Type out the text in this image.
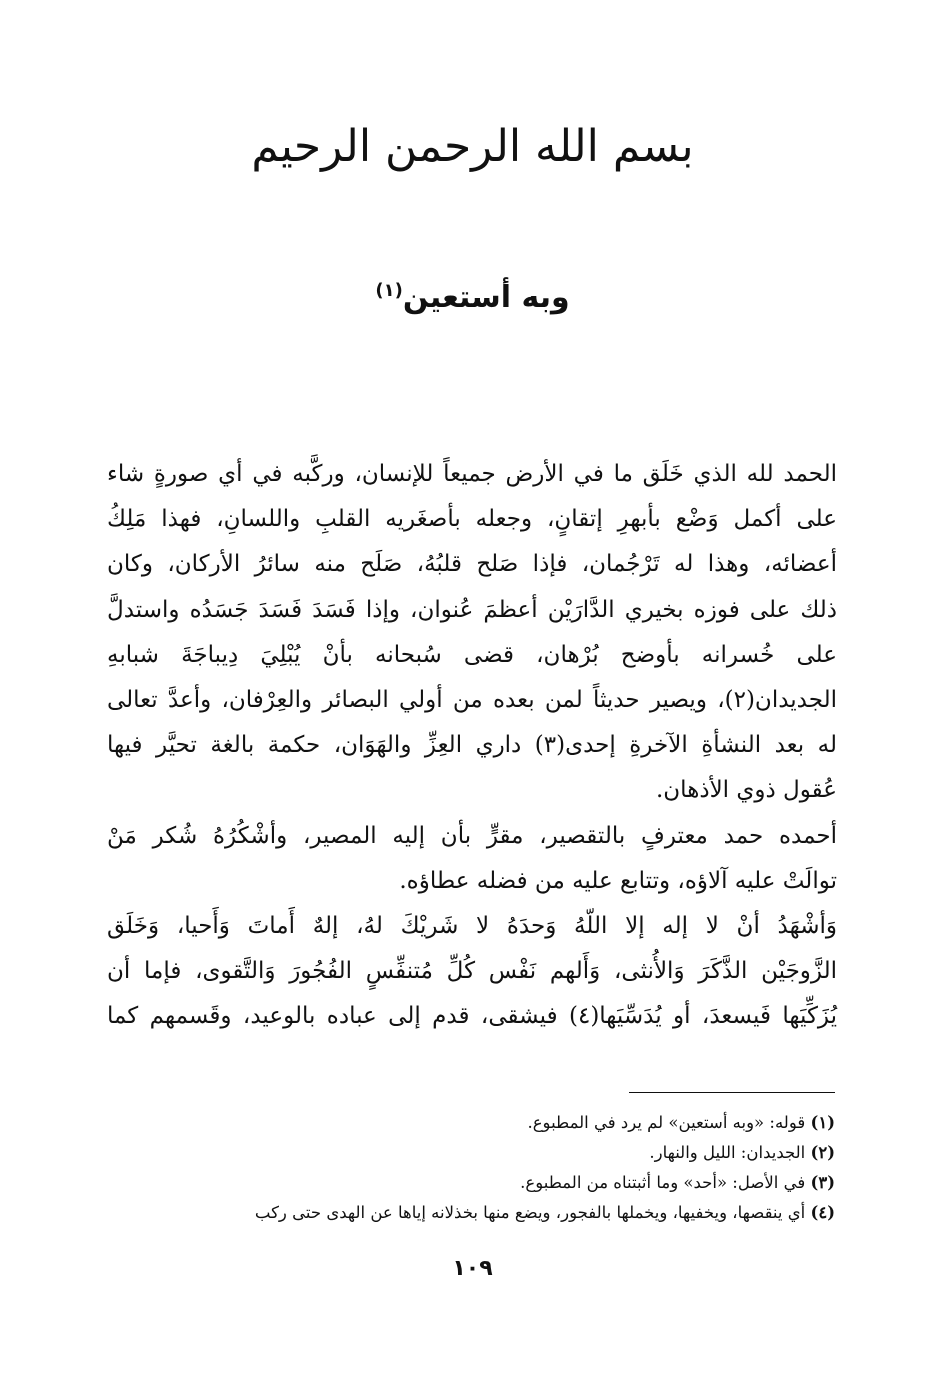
بسم الله الرحمن الرحيم
وبه أستعين$^{(١)}$
الحمد لله الذي خَلَق ما في الأرض جميعاً للإنسان، وركَّبه في أي صورةٍ شاء
على أكمل وَضْع بأبهرِ إتقانٍ، وجعله بأصغَريه القلبِ واللسانِ، فهذا مَلِكُ
أعضائه، وهذا له تَرْجُمان، فإذا صَلح قلبُهُ، صَلَح منه سائرُ الأركان، وكان
ذلك على فوزه بخيري الدَّارَيْن أعظمَ عُنوان، وإذا فَسَدَ فَسَدَ جَسَدُه واستدلَّ
على خُسرانه بأوضح بُرْهان، قضى سُبحانه بأنْ يُبْلِيَ دِيباجَةَ شبابهِ
الجديدان(٢)، ويصير حديثاً لمن بعده من أولي البصائر والعِرْفان، وأعدَّ تعالى
له بعد النشأةِ الآخرةِ إحدى(٣) داري العِزِّ والهَوَان، حكمة بالغة تحيَّر فيها
عُقول ذوي الأذهان.
أحمده حمد معترفٍ بالتقصير، مقرٍّ بأن إليه المصير، وأشْكُرُهُ شُكر مَنْ
توالَتْ عليه آلاؤه، وتتابع عليه من فضله عطاؤه.
وَأشْهَدُ أنْ لا إله إلا اللّهُ وَحدَهُ لا شَريْكَ لهُ، إلهٌ أَماتَ وَأَحيا، وَخَلَق
الزَّوجَيْن الذَّكَرَ وَالأُنثى، وَأَلهم نَفْس كُلِّ مُتنفِّسٍ الفُجُورَ وَالتَّقوى، فإما أن
يُزَكِّيَها فَيسعدَ، أو يُدَسِّيَها(٤) فيشقى، قدم إلى عباده بالوعيد، وقَسمهم كما
(١) قوله: «وبه أستعين» لم يرد في المطبوع.
(٢) الجديدان: الليل والنهار.
(٣) في الأصل: «أحد» وما أثبتناه من المطبوع.
(٤) أي ينقصها، ويخفيها، ويخملها بالفجور، ويضع منها بخذلانه إياها عن الهدى حتى ركب
١٠٩
